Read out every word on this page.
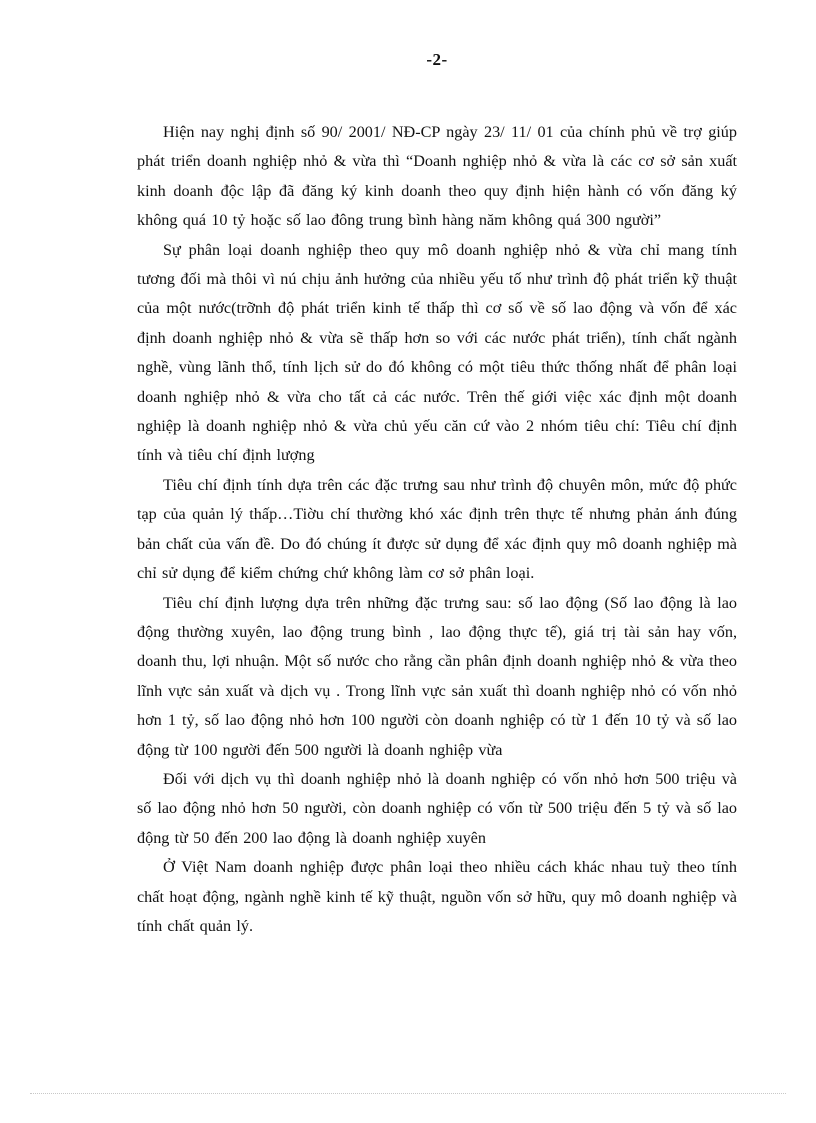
-2-

Hiện nay nghị định số 90/ 2001/ NĐ-CP ngày 23/ 11/ 01 của chính phủ về trợ giúp phát triển doanh nghiệp nhỏ & vừa thì “Doanh nghiệp nhỏ & vừa là các cơ sở sản xuất kinh doanh độc lập đã đăng ký kinh doanh theo quy định hiện hành có vốn đăng ký không quá 10 tỷ hoặc số lao đông trung bình hàng năm không quá 300 người”

Sự phân loại doanh nghiệp theo quy mô doanh nghiệp nhỏ & vừa chỉ mang tính tương đối mà thôi vì nú chịu ảnh hưởng của nhiều yếu tố như trình độ phát triển kỹ thuật của một nước(trỡnh độ phát triển kinh tế thấp thì cơ số về số lao động và vốn để xác định doanh nghiệp nhỏ & vừa sẽ thấp hơn so với các nước phát triển), tính chất ngành nghề, vùng lãnh thổ, tính lịch sử do đó không có một tiêu thức thống nhất để phân loại doanh nghiệp nhỏ & vừa cho tất cả các nước. Trên thế giới việc xác định một doanh nghiệp là doanh nghiệp nhỏ & vừa chủ yếu căn cứ vào 2 nhóm tiêu chí: Tiêu chí định tính và tiêu chí định lượng

Tiêu chí định tính dựa trên các đặc trưng sau như trình độ chuyên môn, mức độ phức tạp của quản lý thấp…Tiờu chí thường khó xác định trên thực tế nhưng phản ánh đúng bản chất của vấn đề. Do đó chúng ít được sử dụng để xác định quy mô doanh nghiệp mà chỉ sử dụng để kiểm chứng chứ không làm cơ sở phân loại.

Tiêu chí định lượng dựa trên những đặc trưng sau: số lao động (Số lao động là lao động thường xuyên, lao động trung bình , lao động thực tế), giá trị tài sản hay vốn, doanh thu, lợi nhuận. Một số nước cho rằng cần phân định doanh nghiệp nhỏ & vừa theo lĩnh vực sản xuất và dịch vụ . Trong lĩnh vực sản xuất thì doanh nghiệp nhỏ có vốn nhỏ hơn 1 tỷ, số lao động nhỏ hơn 100 người còn doanh nghiệp có từ 1 đến 10 tỷ và số lao động từ 100 người đến 500 người là doanh nghiệp vừa

Đối với dịch vụ thì doanh nghiệp nhỏ là doanh nghiệp có vốn nhỏ hơn 500 triệu và số lao động nhỏ hơn 50 người, còn doanh nghiệp có vốn từ 500 triệu đến 5 tỷ và số lao động từ 50 đến 200 lao động là doanh nghiệp xuyên

Ở Việt Nam doanh nghiệp được phân loại theo nhiều cách khác nhau tuỳ theo tính chất hoạt động, ngành nghề kinh tế kỹ thuật, nguồn vốn sở hữu, quy mô doanh nghiệp và tính chất quản lý.
